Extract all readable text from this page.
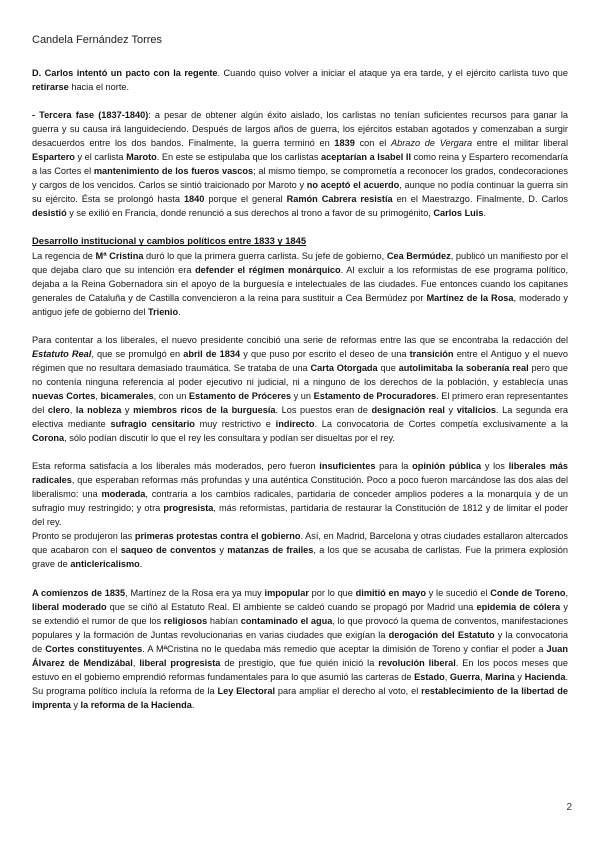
Candela Fernández Torres

D. Carlos intentó un pacto con la regente. Cuando quiso volver a iniciar el ataque ya era tarde, y el ejército carlista tuvo que retirarse hacia el norte.

- Tercera fase (1837-1840): a pesar de obtener algún éxito aislado, los carlistas no tenían suficientes recursos para ganar la guerra y su causa irá languideciendo. Después de largos años de guerra, los ejércitos estaban agotados y comenzaban a surgir desacuerdos entre los dos bandos. Finalmente, la guerra terminó en 1839 con el Abrazo de Vergara entre el militar liberal Espartero y el carlista Maroto. En este se estipulaba que los carlistas aceptarían a Isabel II como reina y Espartero recomendaría a las Cortes el mantenimiento de los fueros vascos; al mismo tiempo, se comprometía a reconocer los grados, condecoraciones y cargos de los vencidos. Carlos se sintió traicionado por Maroto y no aceptó el acuerdo, aunque no podía continuar la guerra sin su ejército. Ésta se prolongó hasta 1840 porque el general Ramón Cabrera resistía en el Maestrazgo. Finalmente, D. Carlos desistió y se exilió en Francia, donde renunció a sus derechos al trono a favor de su primogénito, Carlos Luis.

Desarrollo institucional y cambios políticos entre 1833 y 1845

La regencia de Mª Cristina duró lo que la primera guerra carlista. Su jefe de gobierno, Cea Bermúdez, publicó un manifiesto por el que dejaba claro que su intención era defender el régimen monárquico. Al excluir a los reformistas de ese programa político, dejaba a la Reina Gobernadora sin el apoyo de la burguesía e intelectuales de las ciudades. Fue entonces cuando los capitanes generales de Cataluña y de Castilla convencieron a la reina para sustituir a Cea Bermúdez por Martínez de la Rosa, moderado y antiguo jefe de gobierno del Trienio.

Para contentar a los liberales, el nuevo presidente concibió una serie de reformas entre las que se encontraba la redacción del Estatuto Real, que se promulgó en abril de 1834 y que puso por escrito el deseo de una transición entre el Antiguo y el nuevo régimen que no resultara demasiado traumática. Se trataba de una Carta Otorgada que autolimitaba la soberanía real pero que no contenía ninguna referencia al poder ejecutivo ni judicial, ni a ninguno de los derechos de la población, y establecía unas nuevas Cortes, bicamerales, con un Estamento de Próceres y un Estamento de Procuradores. El primero eran representantes del clero, la nobleza y miembros ricos de la burguesía. Los puestos eran de designación real y vitalicios. La segunda era electiva mediante sufragio censitario muy restrictivo e indirecto. La convocatoria de Cortes competía exclusivamente a la Corona, sólo podían discutir lo que el rey les consultara y podían ser disueltas por el rey.

Esta reforma satisfacía a los liberales más moderados, pero fueron insuficientes para la opinión pública y los liberales más radicales, que esperaban reformas más profundas y una auténtica Constitución. Poco a poco fueron marcándose las dos alas del liberalismo: una moderada, contraria a los cambios radicales, partidaria de conceder amplios poderes a la monarquía y de un sufragio muy restringido; y otra progresista, más reformistas, partidaria de restaurar la Constitución de 1812 y de limitar el poder del rey.

Pronto se produjeron las primeras protestas contra el gobierno. Así, en Madrid, Barcelona y otras ciudades estallaron altercados que acabaron con el saqueo de conventos y matanzas de frailes, a los que se acusaba de carlistas. Fue la primera explosión grave de anticlericalismo.

A comienzos de 1835, Martínez de la Rosa era ya muy impopular por lo que dimitió en mayo y le sucedió el Conde de Toreno, liberal moderado que se ciñó al Estatuto Real. El ambiente se caldeó cuando se propagó por Madrid una epidemia de cólera y se extendió el rumor de que los religiosos habían contaminado el agua, lo que provocó la quema de conventos, manifestaciones populares y la formación de Juntas revolucionarias en varias ciudades que exigían la derogación del Estatuto y la convocatoria de Cortes constituyentes. A MªCristina no le quedaba más remedio que aceptar la dimisión de Toreno y confiar el poder a Juan Álvarez de Mendizábal, liberal progresista de prestigio, que fue quién inició la revolución liberal. En los pocos meses que estuvo en el gobierno emprendió reformas fundamentales para lo que asumió las carteras de Estado, Guerra, Marina y Hacienda. Su programa político incluía la reforma de la Ley Electoral para ampliar el derecho al voto, el restablecimiento de la libertad de imprenta y la reforma de la Hacienda.

2
